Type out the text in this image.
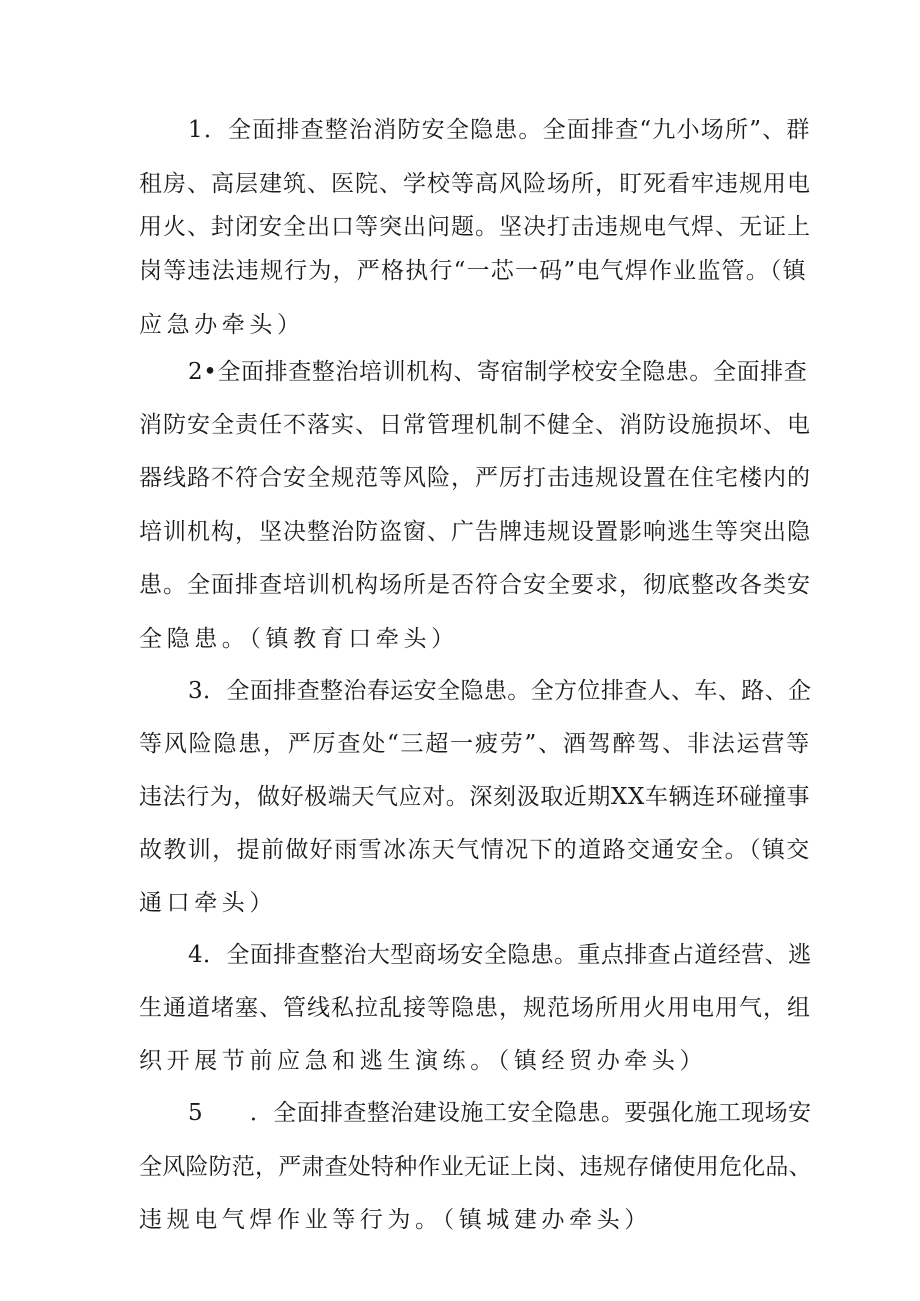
1．全面排查整治消防安全隐患。全面排查“九小场所”、群
租房、高层建筑、医院、学校等高风险场所，盯死看牢违规用电
用火、封闭安全出口等突出问题。坚决打击违规电气焊、无证上
岗等违法违规行为，严格执行“一芯一码”电气焊作业监管。（镇
应急办牵头）
2•全面排查整治培训机构、寄宿制学校安全隐患。全面排查
消防安全责任不落实、日常管理机制不健全、消防设施损坏、电
器线路不符合安全规范等风险，严厉打击违规设置在住宅楼内的
培训机构，坚决整治防盗窗、广告牌违规设置影响逃生等突出隐
患。全面排查培训机构场所是否符合安全要求，彻底整改各类安
全隐患。（镇教育口牵头）
3．全面排查整治春运安全隐患。全方位排查人、车、路、企
等风险隐患，严厉查处“三超一疲劳”、酒驾醉驾、非法运营等
违法行为，做好极端天气应对。深刻汲取近期XX车辆连环碰撞事
故教训，提前做好雨雪冰冻天气情况下的道路交通安全。（镇交
通口牵头）
4．全面排查整治大型商场安全隐患。重点排查占道经营、逃
生通道堵塞、管线私拉乱接等隐患，规范场所用火用电用气，组
织开展节前应急和逃生演练。（镇经贸办牵头）
5　　．全面排查整治建设施工安全隐患。要强化施工现场安
全风险防范，严肃查处特种作业无证上岗、违规存储使用危化品、
违规电气焊作业等行为。（镇城建办牵头）
